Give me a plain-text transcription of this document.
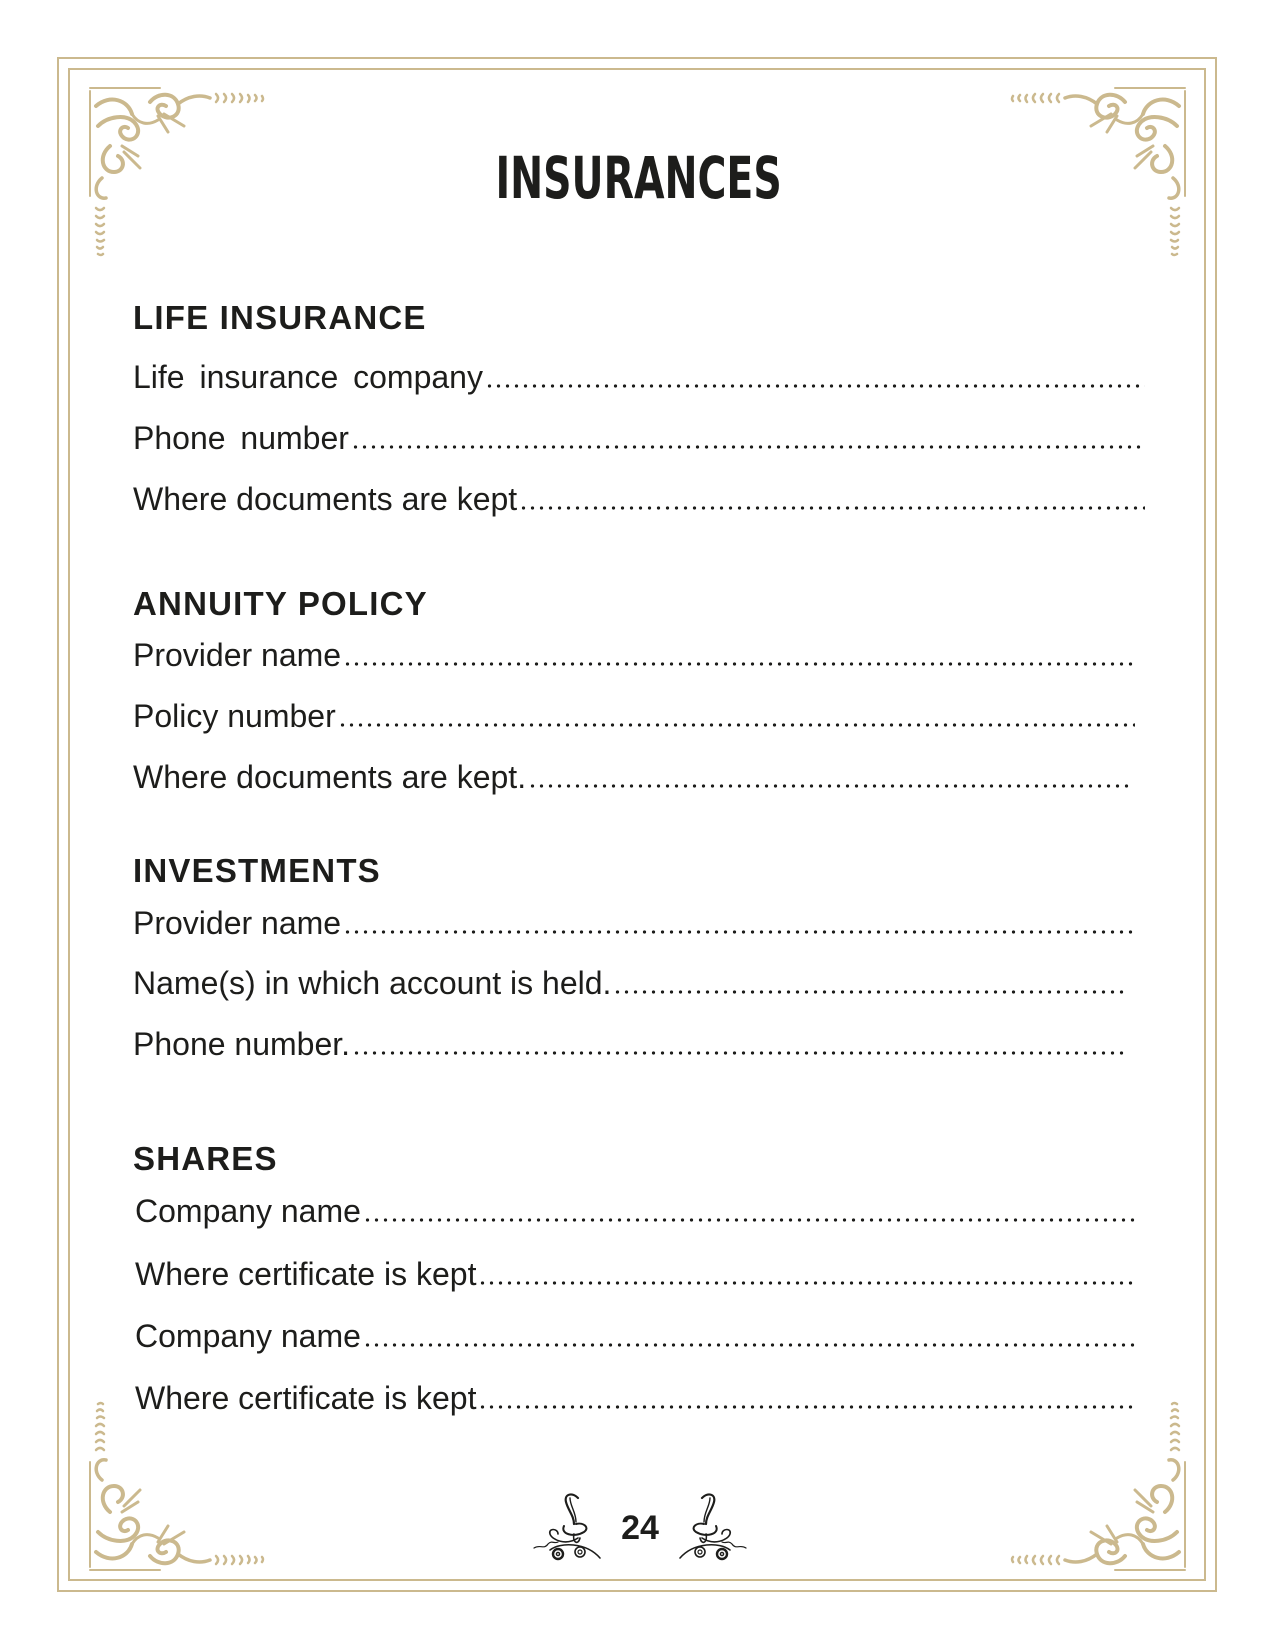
INSURANCES
LIFE INSURANCE
Life insurance company
Phone number
Where documents are kept
ANNUITY POLICY
Provider name
Policy number
Where documents are kept.
INVESTMENTS
Provider name
Name(s) in which account is held.
Phone number.
SHARES
Company name
Where certificate is kept
Company name
Where certificate is kept
24
